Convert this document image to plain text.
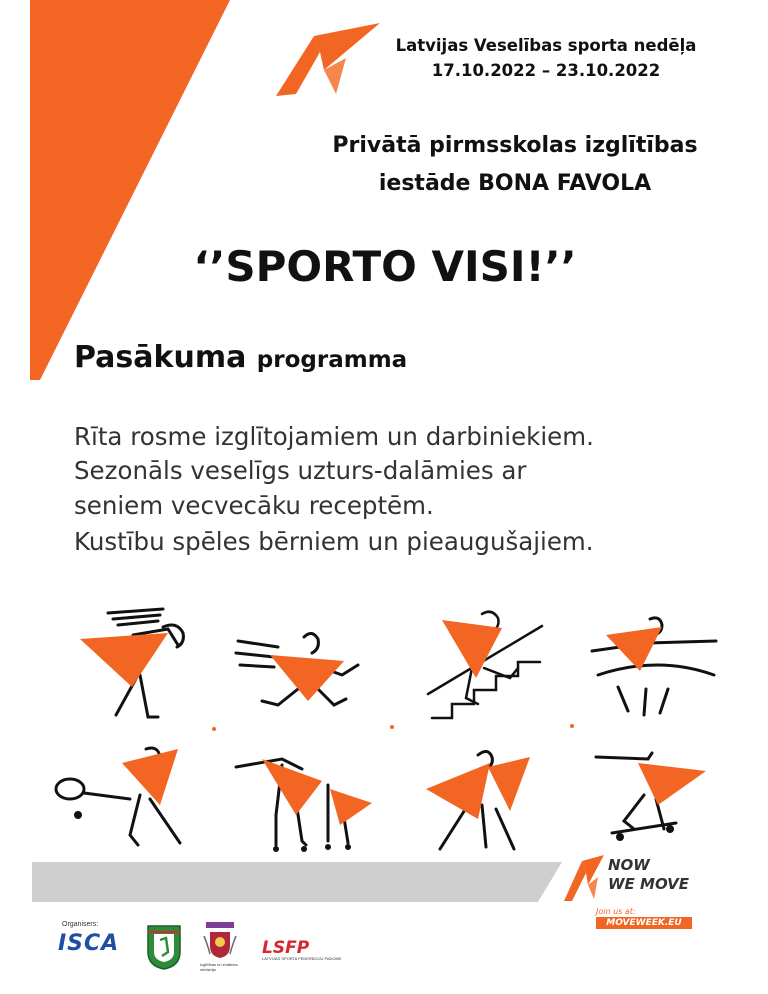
Latvijas Veselības sporta nedēļa
17.10.2022 – 23.10.2022
Privātā pirmsskolas izglītības
iestāde BONA FAVOLA
‘’SPORTO VISI!’’
Pasākuma programma
Rīta rosme izglītojamiem un darbiniekiem.
Sezonāls veselīgs uzturs-dalāmies ar
seniem vecvecāku receptēm.
Kustību spēles bērniem un pieaugušajiem.
NOW
WE MOVE
Join us at:
MOVEWEEK.EU
Organisers:
ISCA
Izglītības un zinātnes ministrija
LSFP
LATVIJAS SPORTA FEDERĀCIJU PADOME
